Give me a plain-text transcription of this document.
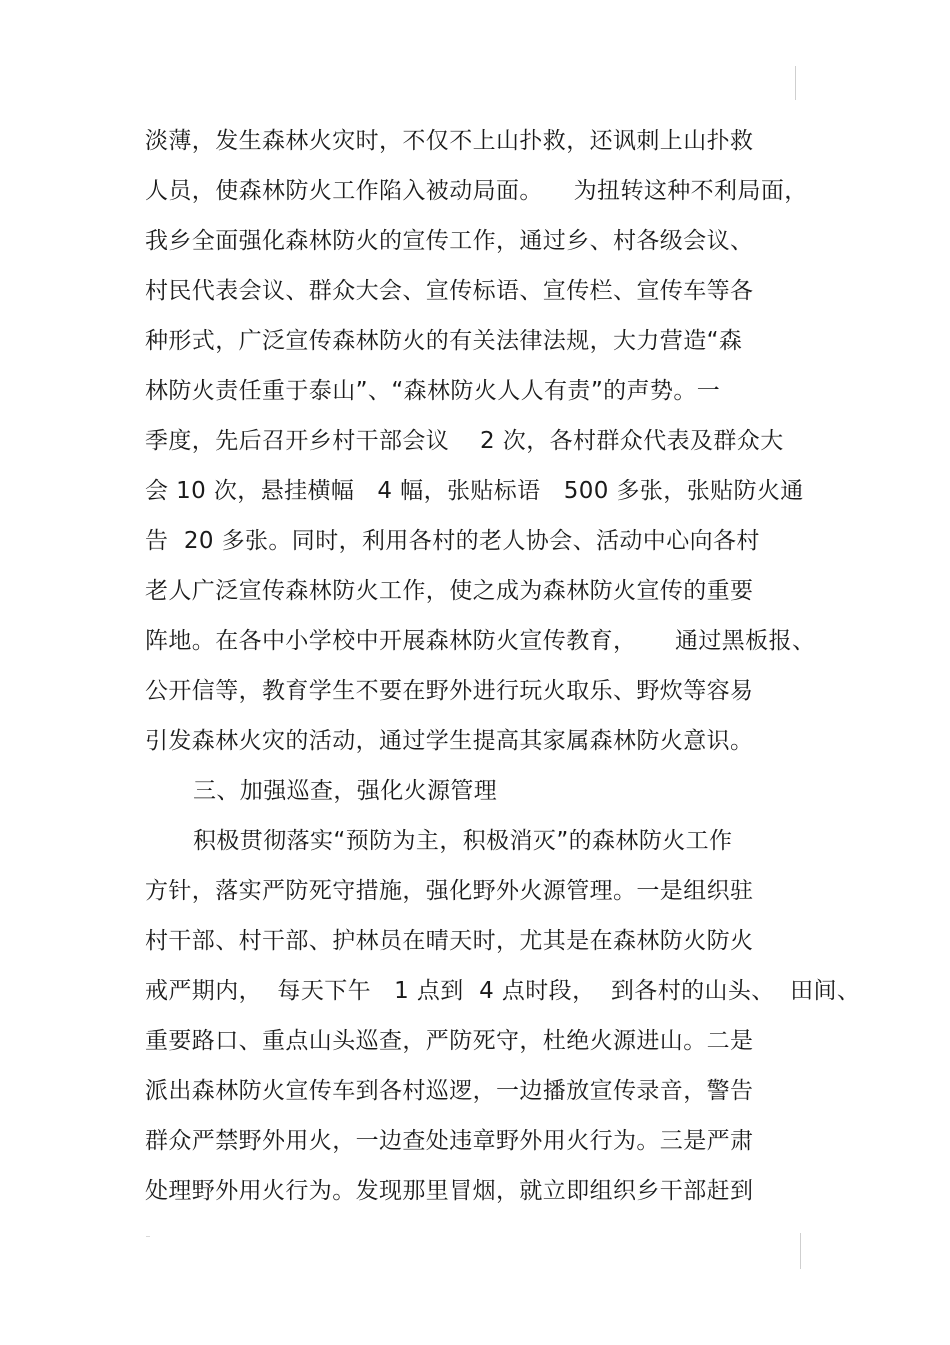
淡薄，发生森林火灾时，不仅不上山扑救，还讽刺上山扑救
人员，使森林防火工作陷入被动局面。    为扭转这种不利局面，
我乡全面强化森林防火的宣传工作，通过乡、村各级会议、
村民代表会议、群众大会、宣传标语、宣传栏、宣传车等各
种形式，广泛宣传森林防火的有关法律法规，大力营造“森
林防火责任重于泰山”、“森林防火人人有责”的声势。一
季度，先后召开乡村干部会议    2 次，各村群众代表及群众大
会 10 次，悬挂横幅   4 幅，张贴标语   500 多张，张贴防火通
告  20 多张。同时，利用各村的老人协会、活动中心向各村
老人广泛宣传森林防火工作，使之成为森林防火宣传的重要
阵地。在各中小学校中开展森林防火宣传教育，     通过黑板报、
公开信等，教育学生不要在野外进行玩火取乐、野炊等容易
引发森林火灾的活动，通过学生提高其家属森林防火意识。
三、加强巡查，强化火源管理
积极贯彻落实“预防为主，积极消灭”的森林防火工作
方针，落实严防死守措施，强化野外火源管理。一是组织驻
村干部、村干部、护林员在晴天时，尤其是在森林防火防火
戒严期内，  每天下午   1 点到  4 点时段，  到各村的山头、  田间、
重要路口、重点山头巡查，严防死守，杜绝火源进山。二是
派出森林防火宣传车到各村巡逻，一边播放宣传录音，警告
群众严禁野外用火，一边查处违章野外用火行为。三是严肃
处理野外用火行为。发现那里冒烟，就立即组织乡干部赶到
